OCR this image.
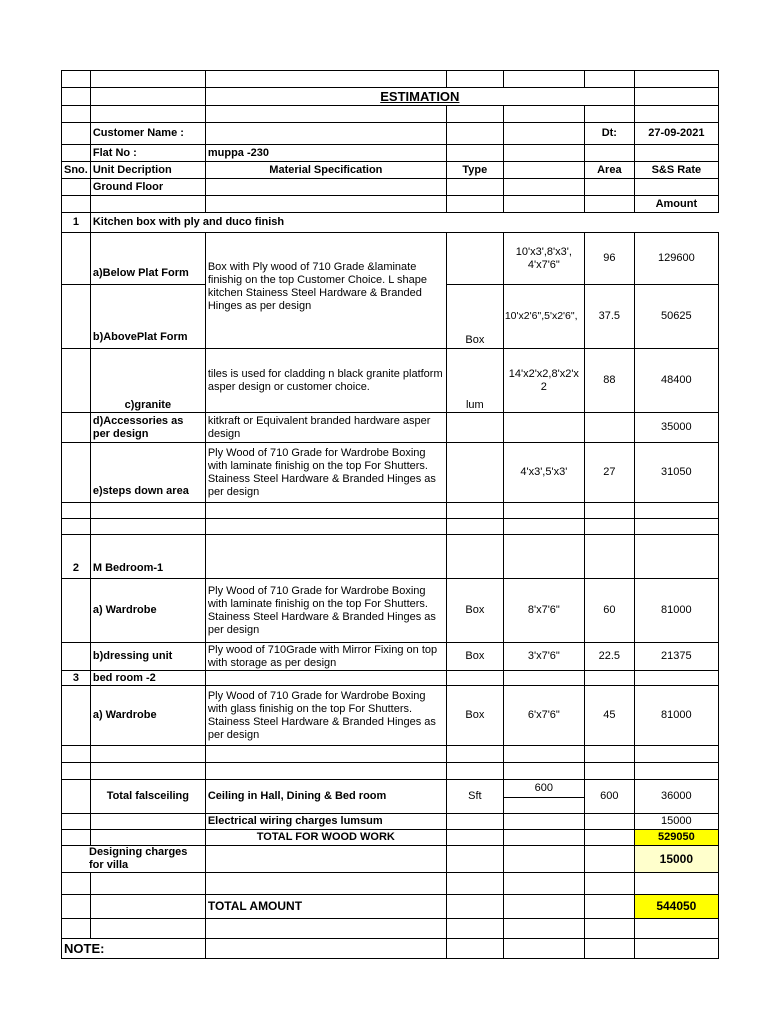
		ESTIMATION				

	Customer Name :				Dt:	27-09-2021
	Flat No :	muppa -230				
Sno.	Unit Decription	Material Specification	Type		Area	S&S Rate
	Ground Floor					
						Amount
1	Kitchen box with ply and duco finish					
	a)Below Plat Form	Box with Ply wood of 710 Grade &laminate finishig on the top Customer Choice. L shape kitchen Stainess Steel Hardware & Branded Hinges as per design		10'x3',8'x3', 4'x7'6"	96	129600
	b)AbovePlat Form		Box	10'x2'6",5'x2'6",	37.5	50625
	c)granite	tiles is used for cladding n black granite platform asper design or customer choice.	lum	14'x2'x2,8'x2'x 2	88	48400
	d)Accessories as per design	kitkraft or Equivalent branded hardware asper design				35000
	e)steps down area	Ply Wood of 710 Grade for Wardrobe Boxing with laminate finishig on the top For Shutters. Stainess Steel Hardware & Branded Hinges as per design		4'x3',5'x3'	27	31050

2	M Bedroom-1					
	a) Wardrobe	Ply Wood of 710 Grade for Wardrobe Boxing with laminate finishig on the top For Shutters. Stainess Steel Hardware & Branded Hinges as per design	Box	8'x7'6"	60	81000
	b)dressing unit	Ply wood of 710Grade with Mirror Fixing on top with storage as per design	Box	3'x7'6"	22.5	21375
3	bed room -2					
	a) Wardrobe	Ply Wood of 710 Grade for Wardrobe Boxing with glass finishig on the top For Shutters. Stainess Steel Hardware & Branded Hinges as per design	Box	6'x7'6"	45	81000

	Total falsceiling	Ceiling in Hall, Dining & Bed room	Sft	600	600	36000
		Electrical wiring charges lumsum				15000
		TOTAL FOR WOOD WORK				529050
Designing charges for villa						15000

		TOTAL AMOUNT				544050

NOTE:						
